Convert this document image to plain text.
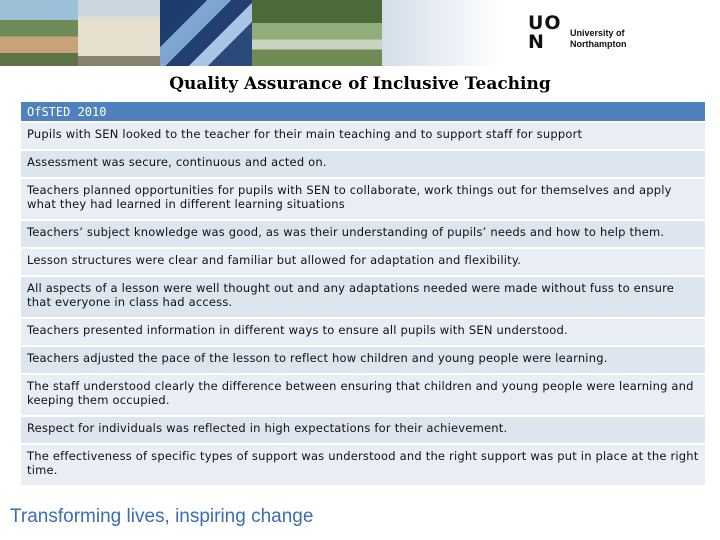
UO
N	University of
Northampton
Quality Assurance of Inclusive Teaching
Transforming lives, inspiring change
OfSTED 2010
Pupils with SEN looked to the teacher for their main teaching and to support staff for support
Assessment was secure, continuous and acted on.
Teachers planned opportunities for pupils with SEN to collaborate, work things out for themselves and apply what they had learned in different learning situations
Teachers’ subject knowledge was good, as was their understanding of pupils’ needs and how to help them.
Lesson structures were clear and familiar but allowed for adaptation and flexibility.
All aspects of a lesson were well thought out and any adaptations needed were made without fuss to ensure that everyone in class had access.
Teachers presented information in different ways to ensure all pupils with SEN understood.
Teachers adjusted the pace of the lesson to reflect how children and young people were learning.
The staff understood clearly the difference between ensuring that children and young people were learning and keeping them occupied.
Respect for individuals was reflected in high expectations for their achievement.
The effectiveness of specific types of support was understood and the right support was put in place at the right time.
